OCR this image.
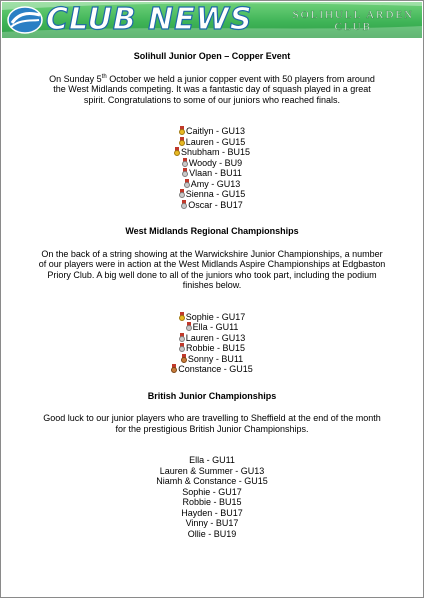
CLUB NEWS	SOLIHULL ARDEN
CLUB
Solihull Junior Open – Copper Event
On Sunday 5th October we held a junior copper event with 50 players from around the West Midlands competing. It was a fantastic day of squash played in a great spirit. Congratulations to some of our juniors who reached finals.
Caitlyn - GU13
Lauren - GU15
Shubham - BU15
Woody - BU9
Vlaan - BU11
Amy - GU13
Sienna - GU15
Oscar - BU17
West Midlands Regional Championships
On the back of a string showing at the Warwickshire Junior Championships, a number of our players were in action at the West Midlands Aspire Championships at Edgbaston Priory Club. A big well done to all of the juniors who took part, including the podium finishes below.
Sophie - GU17
Ella - GU11
Lauren - GU13
Robbie - BU15
Sonny - BU11
Constance - GU15
British Junior Championships
Good luck to our junior players who are travelling to Sheffield at the end of the month for the prestigious British Junior Championships.
Ella - GU11
Lauren & Summer - GU13
Niamh & Constance - GU15
Sophie - GU17
Robbie - BU15
Hayden - BU17
Vinny - BU17
Ollie - BU19
